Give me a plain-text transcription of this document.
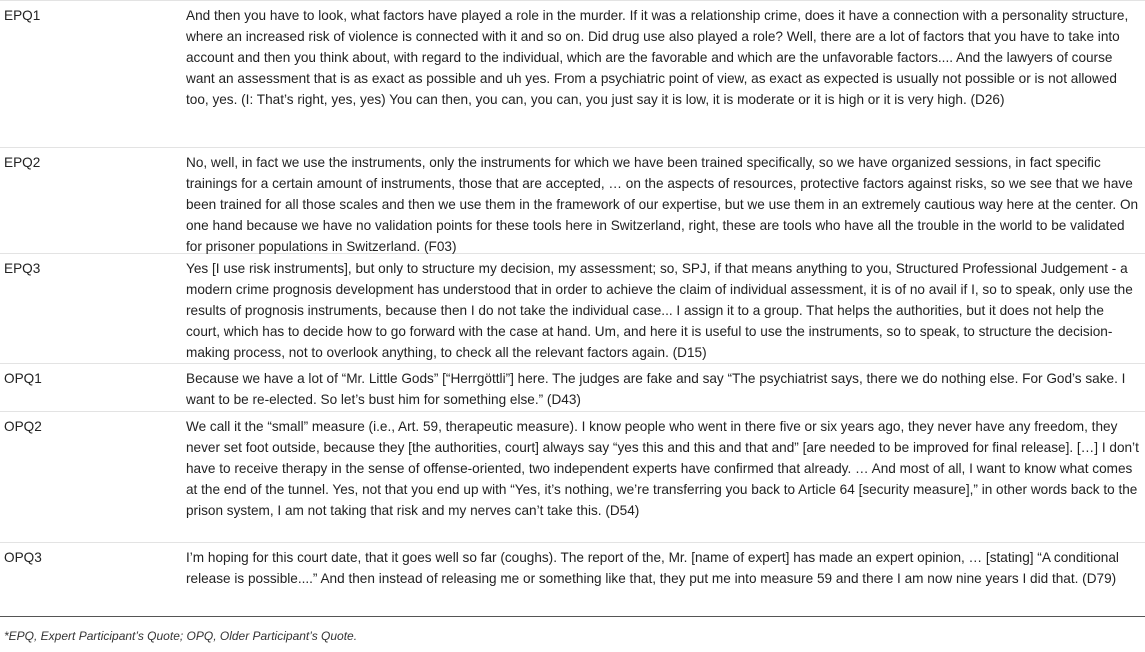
EPQ1	And then you have to look, what factors have played a role in the murder. If it was a relationship crime, does it have a connection with a personality structure, where an increased risk of violence is connected with it and so on. Did drug use also played a role? Well, there are a lot of factors that you have to take into account and then you think about, with regard to the individual, which are the favorable and which are the unfavorable factors.... And the lawyers of course want an assessment that is as exact as possible and uh yes. From a psychiatric point of view, as exact as expected is usually not possible or is not allowed too, yes. (I: That’s right, yes, yes) You can then, you can, you can, you just say it is low, it is moderate or it is high or it is very high. (D26)
EPQ2	No, well, in fact we use the instruments, only the instruments for which we have been trained specifically, so we have organized sessions, in fact specific trainings for a certain amount of instruments, those that are accepted, … on the aspects of resources, protective factors against risks, so we see that we have been trained for all those scales and then we use them in the framework of our expertise, but we use them in an extremely cautious way here at the center. On one hand because we have no validation points for these tools here in Switzerland, right, these are tools who have all the trouble in the world to be validated for prisoner populations in Switzerland. (F03)
EPQ3	Yes [I use risk instruments], but only to structure my decision, my assessment; so, SPJ, if that means anything to you, Structured Professional Judgement - a modern crime prognosis development has understood that in order to achieve the claim of individual assessment, it is of no avail if I, so to speak, only use the results of prognosis instruments, because then I do not take the individual case... I assign it to a group. That helps the authorities, but it does not help the court, which has to decide how to go forward with the case at hand. Um, and here it is useful to use the instruments, so to speak, to structure the decision-making process, not to overlook anything, to check all the relevant factors again. (D15)
OPQ1	Because we have a lot of “Mr. Little Gods” [“Herrgöttli”] here. The judges are fake and say “The psychiatrist says, there we do nothing else. For God’s sake. I want to be re-elected. So let’s bust him for something else.” (D43)
OPQ2	We call it the “small” measure (i.e., Art. 59, therapeutic measure). I know people who went in there five or six years ago, they never have any freedom, they never set foot outside, because they [the authorities, court] always say “yes this and this and that and” [are needed to be improved for final release]. […] I don’t have to receive therapy in the sense of offense-oriented, two independent experts have confirmed that already. … And most of all, I want to know what comes at the end of the tunnel. Yes, not that you end up with “Yes, it’s nothing, we’re transferring you back to Article 64 [security measure],” in other words back to the prison system, I am not taking that risk and my nerves can’t take this. (D54)
OPQ3	I’m hoping for this court date, that it goes well so far (coughs). The report of the, Mr. [name of expert] has made an expert opinion, … [stating] “A conditional release is possible....” And then instead of releasing me or something like that, they put me into measure 59 and there I am now nine years I did that. (D79)
*EPQ, Expert Participant’s Quote; OPQ, Older Participant’s Quote.
